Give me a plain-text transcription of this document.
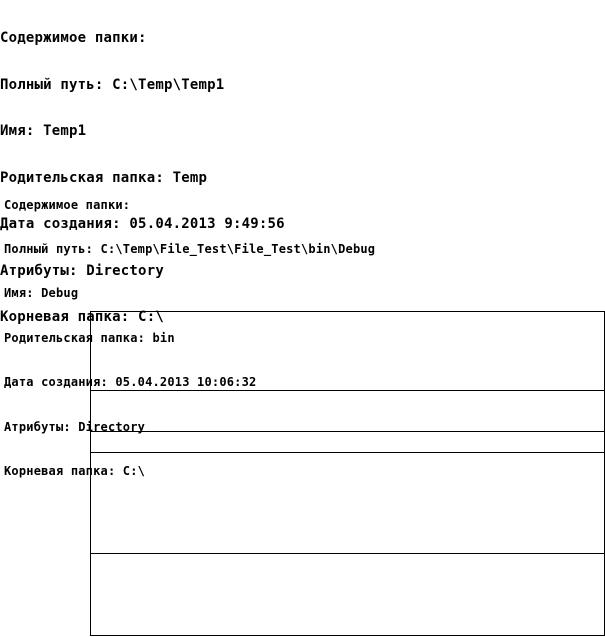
Содержимое папки:

Полный путь: C:\Temp\Temp1

Имя: Temp1

Родительская папка: Temp

Дата создания: 05.04.2013 9:49:56

Атрибуты: Directory

Корневая папка: C:\

Содержимое папки:

Полный путь: C:\Temp\File_Test\File_Test\bin\Debug

Имя: Debug

Родительская папка: bin

Дата создания: 05.04.2013 10:06:32

Атрибуты: Directory

Корневая папка: C:\
